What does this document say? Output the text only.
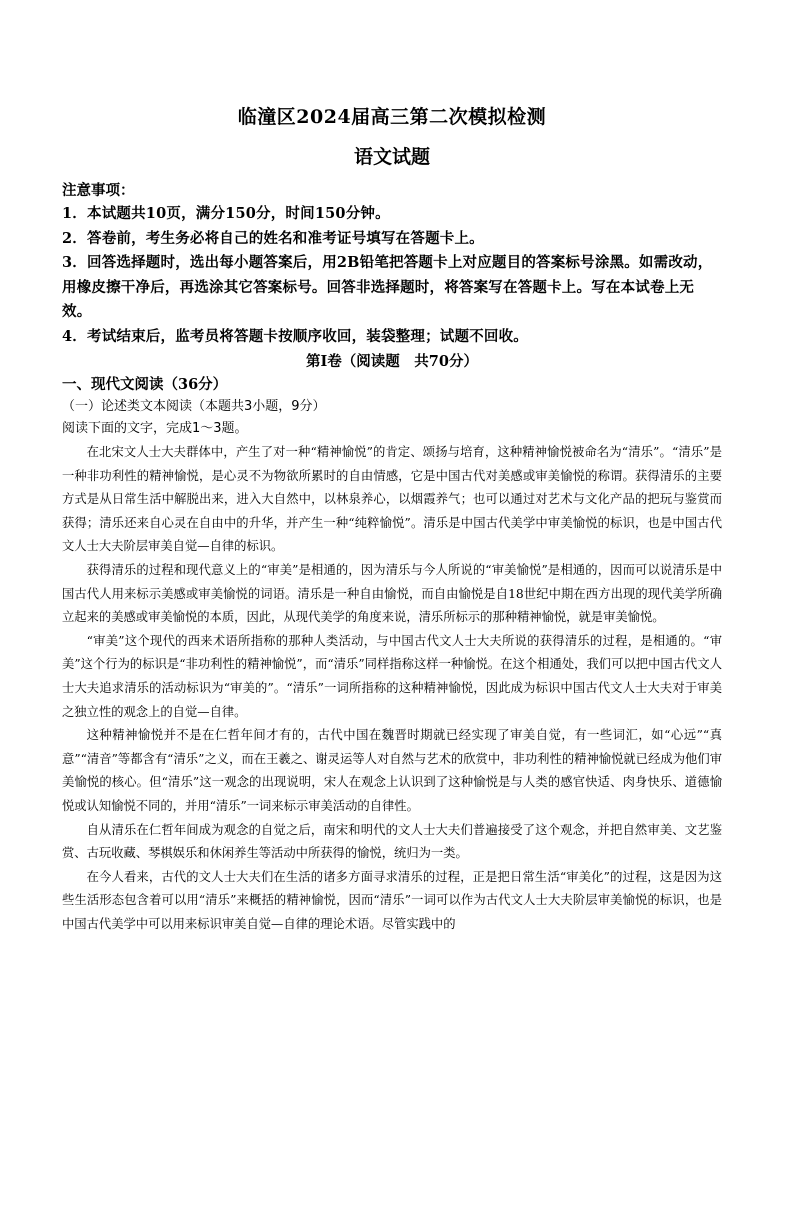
临潼区2024届高三第二次模拟检测
语文试题
注意事项：
1．本试题共10页，满分150分，时间150分钟。
2．答卷前，考生务必将自己的姓名和准考证号填写在答题卡上。
3．回答选择题时，选出每小题答案后，用2B铅笔把答题卡上对应题目的答案标号涂黑。如需改动，用橡皮擦干净后，再选涂其它答案标号。回答非选择题时，将答案写在答题卡上。写在本试卷上无效。
4．考试结束后，监考员将答题卡按顺序收回，装袋整理；试题不回收。
第Ⅰ卷（阅读题　共70分）
一、现代文阅读（36分）
（一）论述类文本阅读（本题共3小题，9分）
阅读下面的文字，完成1～3题。

在北宋文人士大夫群体中，产生了对一种“精神愉悦”的肯定、颂扬与培育，这种精神愉悦被命名为“清乐”。“清乐”是一种非功利性的精神愉悦，是心灵不为物欲所累时的自由情感，它是中国古代对美感或审美愉悦的称谓。获得清乐的主要方式是从日常生活中解脱出来，进入大自然中，以林泉养心，以烟霞养气；也可以通过对艺术与文化产品的把玩与鉴赏而获得；清乐还来自心灵在自由中的升华，并产生一种“纯粹愉悦”。清乐是中国古代美学中审美愉悦的标识，也是中国古代文人士大夫阶层审美自觉—自律的标识。

获得清乐的过程和现代意义上的“审美”是相通的，因为清乐与今人所说的“审美愉悦”是相通的，因而可以说清乐是中国古代人用来标示美感或审美愉悦的词语。清乐是一种自由愉悦，而自由愉悦是自18世纪中期在西方出现的现代美学所确立起来的美感或审美愉悦的本质，因此，从现代美学的角度来说，清乐所标示的那种精神愉悦，就是审美愉悦。

“审美”这个现代的西来术语所指称的那种人类活动，与中国古代文人士大夫所说的获得清乐的过程，是相通的。“审美”这个行为的标识是“非功利性的精神愉悦”，而“清乐”同样指称这样一种愉悦。在这个相通处，我们可以把中国古代文人士大夫追求清乐的活动标识为“审美的”。“清乐”一词所指称的这种精神愉悦，因此成为标识中国古代文人士大夫对于审美之独立性的观念上的自觉—自律。

这种精神愉悦并不是在仁哲年间才有的，古代中国在魏晋时期就已经实现了审美自觉，有一些词汇，如“心远”“真意”“清音”等都含有“清乐”之义，而在王羲之、谢灵运等人对自然与艺术的欣赏中，非功利性的精神愉悦就已经成为他们审美愉悦的核心。但“清乐”这一观念的出现说明，宋人在观念上认识到了这种愉悦是与人类的感官快适、肉身快乐、道德愉悦或认知愉悦不同的，并用“清乐”一词来标示审美活动的自律性。

自从清乐在仁哲年间成为观念的自觉之后，南宋和明代的文人士大夫们普遍接受了这个观念，并把自然审美、文艺鉴赏、古玩收藏、琴棋娱乐和休闲养生等活动中所获得的愉悦，统归为一类。

在今人看来，古代的文人士大夫们在生活的诸多方面寻求清乐的过程，正是把日常生活“审美化”的过程，这是因为这些生活形态包含着可以用“清乐”来概括的精神愉悦，因而“清乐”一词可以作为古代文人士大夫阶层审美愉悦的标识，也是中国古代美学中可以用来标识审美自觉—自律的理论术语。尽管实践中的
